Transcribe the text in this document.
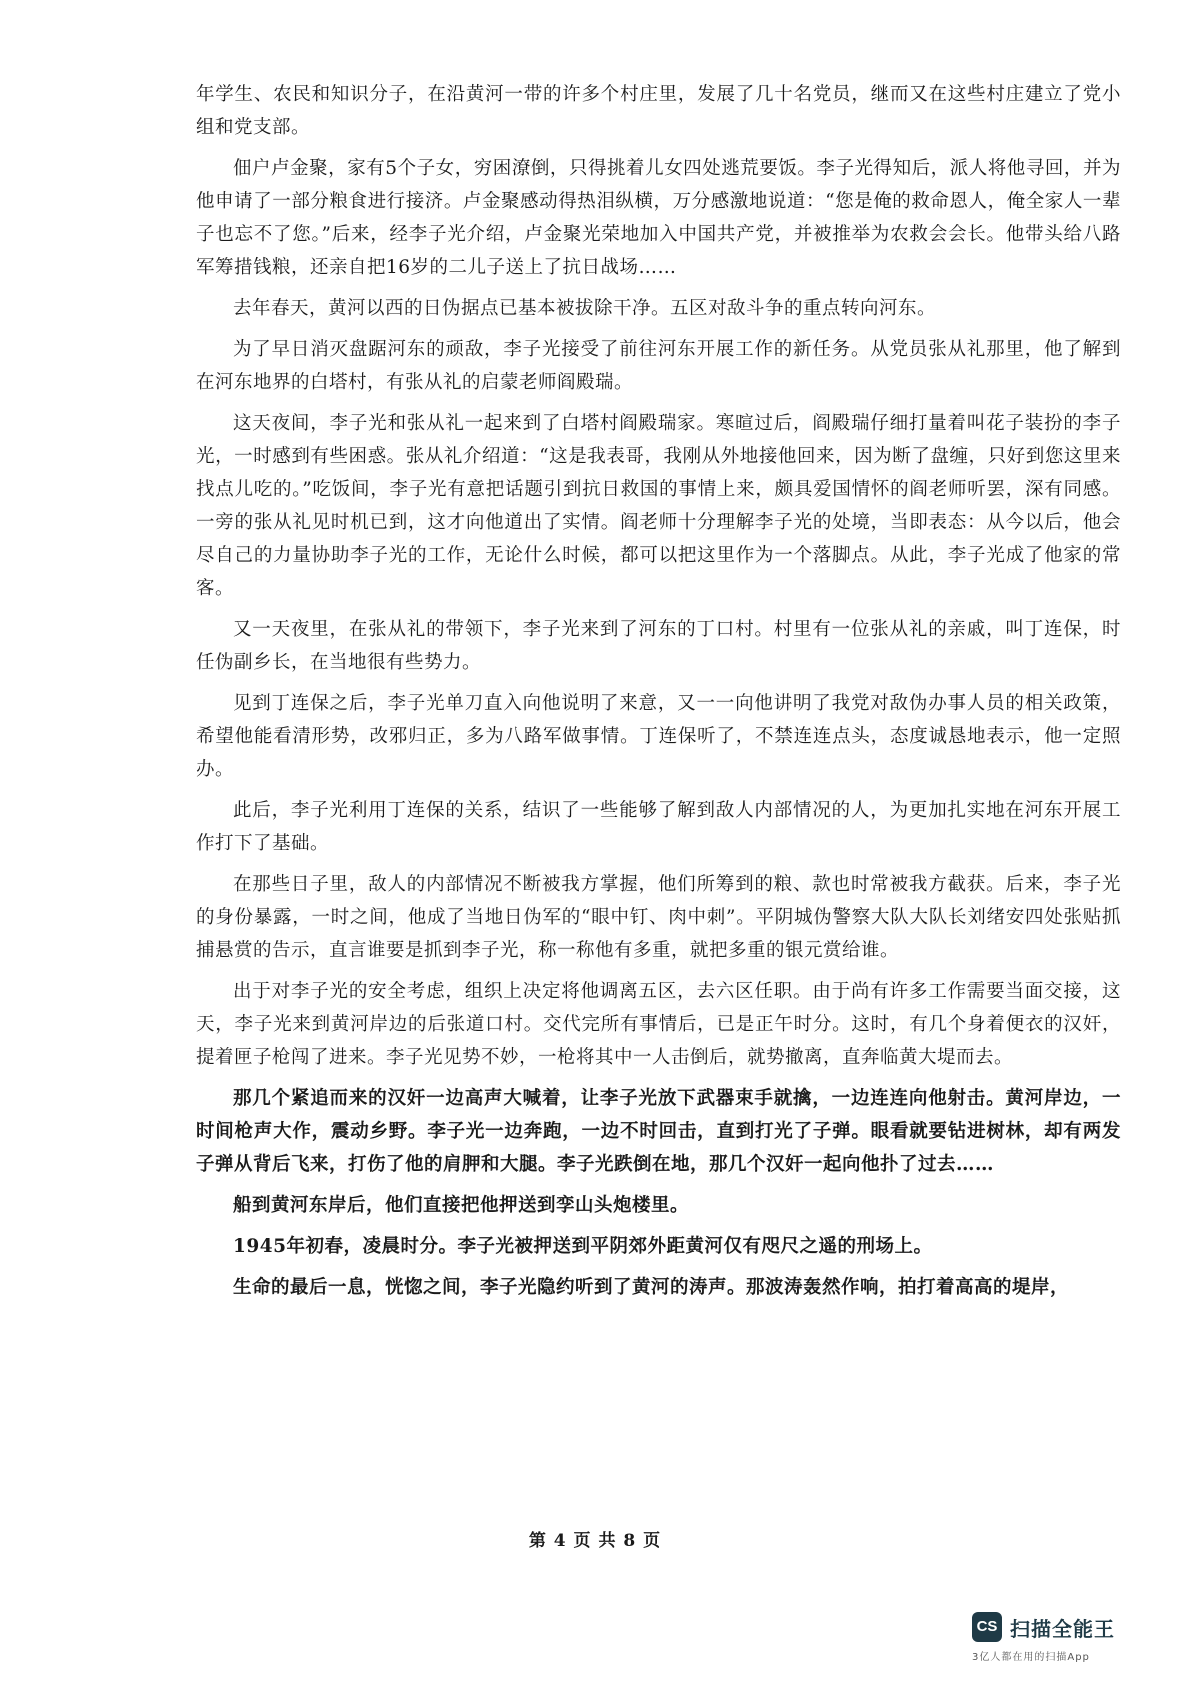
年学生、农民和知识分子，在沿黄河一带的许多个村庄里，发展了几十名党员，继而又在这些村庄建立了党小组和党支部。

佃户卢金聚，家有5个子女，穷困潦倒，只得挑着儿女四处逃荒要饭。李子光得知后，派人将他寻回，并为他申请了一部分粮食进行接济。卢金聚感动得热泪纵横，万分感激地说道：“您是俺的救命恩人，俺全家人一辈子也忘不了您。”后来，经李子光介绍，卢金聚光荣地加入中国共产党，并被推举为农救会会长。他带头给八路军筹措钱粮，还亲自把16岁的二儿子送上了抗日战场……

去年春天，黄河以西的日伪据点已基本被拔除干净。五区对敌斗争的重点转向河东。

为了早日消灭盘踞河东的顽敌，李子光接受了前往河东开展工作的新任务。从党员张从礼那里，他了解到在河东地界的白塔村，有张从礼的启蒙老师阎殿瑞。

这天夜间，李子光和张从礼一起来到了白塔村阎殿瑞家。寒暄过后，阎殿瑞仔细打量着叫花子装扮的李子光，一时感到有些困惑。张从礼介绍道：“这是我表哥，我刚从外地接他回来，因为断了盘缠，只好到您这里来找点儿吃的。”吃饭间，李子光有意把话题引到抗日救国的事情上来，颇具爱国情怀的阎老师听罢，深有同感。一旁的张从礼见时机已到，这才向他道出了实情。阎老师十分理解李子光的处境，当即表态：从今以后，他会尽自己的力量协助李子光的工作，无论什么时候，都可以把这里作为一个落脚点。从此，李子光成了他家的常客。

又一天夜里，在张从礼的带领下，李子光来到了河东的丁口村。村里有一位张从礼的亲戚，叫丁连保，时任伪副乡长，在当地很有些势力。

见到丁连保之后，李子光单刀直入向他说明了来意，又一一向他讲明了我党对敌伪办事人员的相关政策，希望他能看清形势，改邪归正，多为八路军做事情。丁连保听了，不禁连连点头，态度诚恳地表示，他一定照办。

此后，李子光利用丁连保的关系，结识了一些能够了解到敌人内部情况的人，为更加扎实地在河东开展工作打下了基础。

在那些日子里，敌人的内部情况不断被我方掌握，他们所筹到的粮、款也时常被我方截获。后来，李子光的身份暴露，一时之间，他成了当地日伪军的“眼中钉、肉中刺”。平阴城伪警察大队大队长刘绪安四处张贴抓捕悬赏的告示，直言谁要是抓到李子光，称一称他有多重，就把多重的银元赏给谁。

出于对李子光的安全考虑，组织上决定将他调离五区，去六区任职。由于尚有许多工作需要当面交接，这天，李子光来到黄河岸边的后张道口村。交代完所有事情后，已是正午时分。这时，有几个身着便衣的汉奸，提着匣子枪闯了进来。李子光见势不妙，一枪将其中一人击倒后，就势撤离，直奔临黄大堤而去。

那几个紧追而来的汉奸一边高声大喊着，让李子光放下武器束手就擒，一边连连向他射击。黄河岸边，一时间枪声大作，震动乡野。李子光一边奔跑，一边不时回击，直到打光了子弹。眼看就要钻进树林，却有两发子弹从背后飞来，打伤了他的肩胛和大腿。李子光跌倒在地，那几个汉奸一起向他扑了过去……

船到黄河东岸后，他们直接把他押送到孪山头炮楼里。

1945年初春，凌晨时分。李子光被押送到平阴郊外距黄河仅有咫尺之遥的刑场上。

生命的最后一息，恍惚之间，李子光隐约听到了黄河的涛声。那波涛轰然作响，拍打着高高的堤岸，

第 4 页 共 8 页
CS 扫描全能王
3亿人都在用的扫描App
